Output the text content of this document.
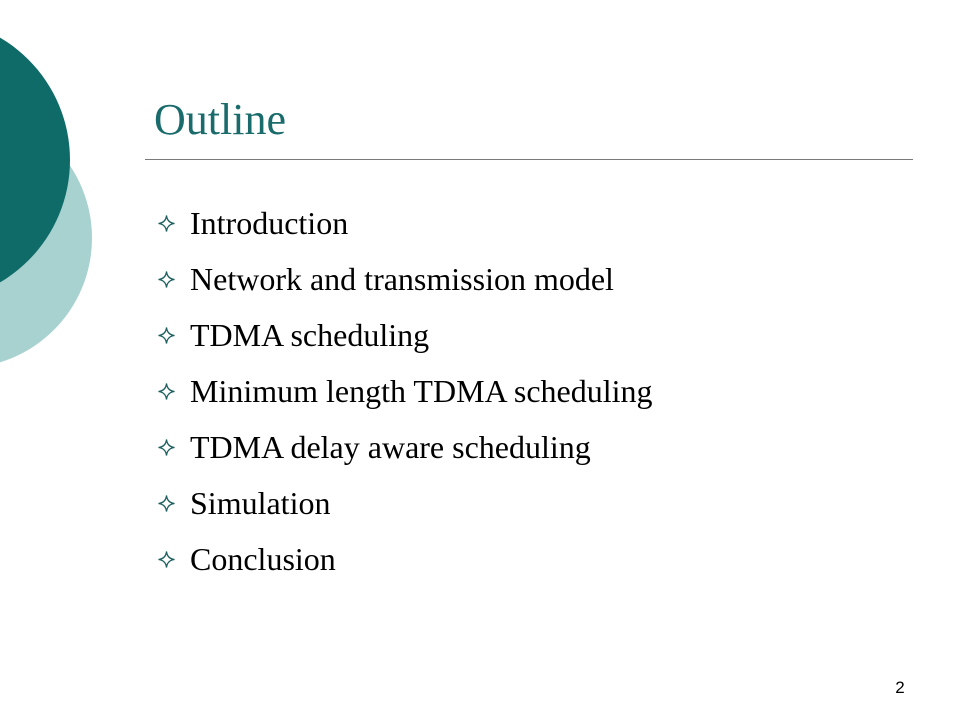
Outline
Introduction
Network and transmission model
TDMA scheduling
Minimum length TDMA scheduling
TDMA delay aware scheduling
Simulation
Conclusion
2
